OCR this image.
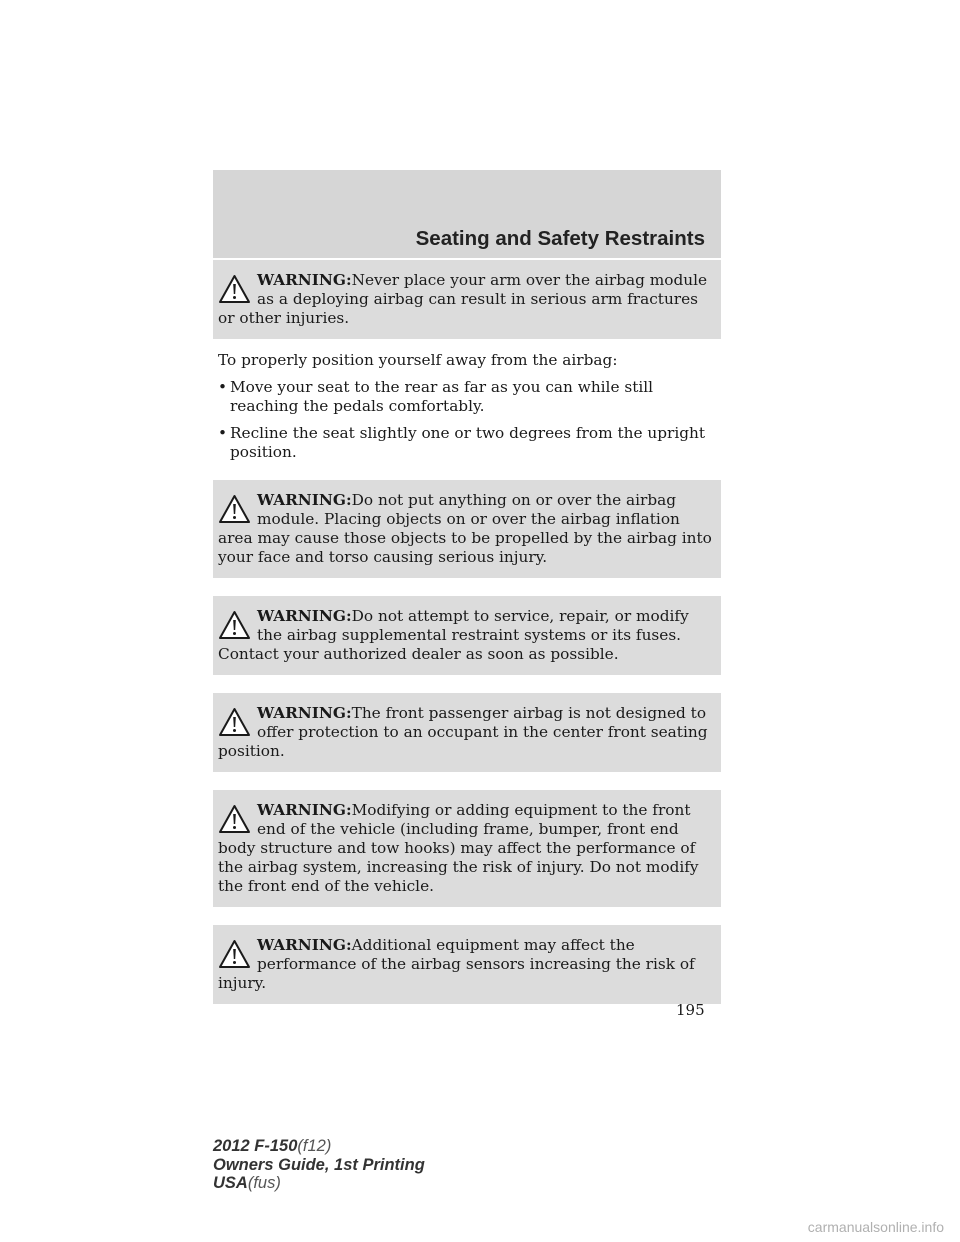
Seating and Safety Restraints
WARNING:Never place your arm over the airbag module as a deploying airbag can result in serious arm fractures or other injuries.

To properly position yourself away from the airbag:

• Move your seat to the rear as far as you can while still reaching the pedals comfortably.
• Recline the seat slightly one or two degrees from the upright position.
WARNING:Do not put anything on or over the airbag module. Placing objects on or over the airbag inflation area may cause those objects to be propelled by the airbag into your face and torso causing serious injury.
WARNING:Do not attempt to service, repair, or modify the airbag supplemental restraint systems or its fuses. Contact your authorized dealer as soon as possible.
WARNING:The front passenger airbag is not designed to offer protection to an occupant in the center front seating position.
WARNING:Modifying or adding equipment to the front end of the vehicle (including frame, bumper, front end body structure and tow hooks) may affect the performance of the airbag system, increasing the risk of injury. Do not modify the front end of the vehicle.
WARNING:Additional equipment may affect the performance of the airbag sensors increasing the risk of injury.
195
2012 F-150(f12)
Owners Guide, 1st Printing
USA(fus)
carmanualsonline.info
